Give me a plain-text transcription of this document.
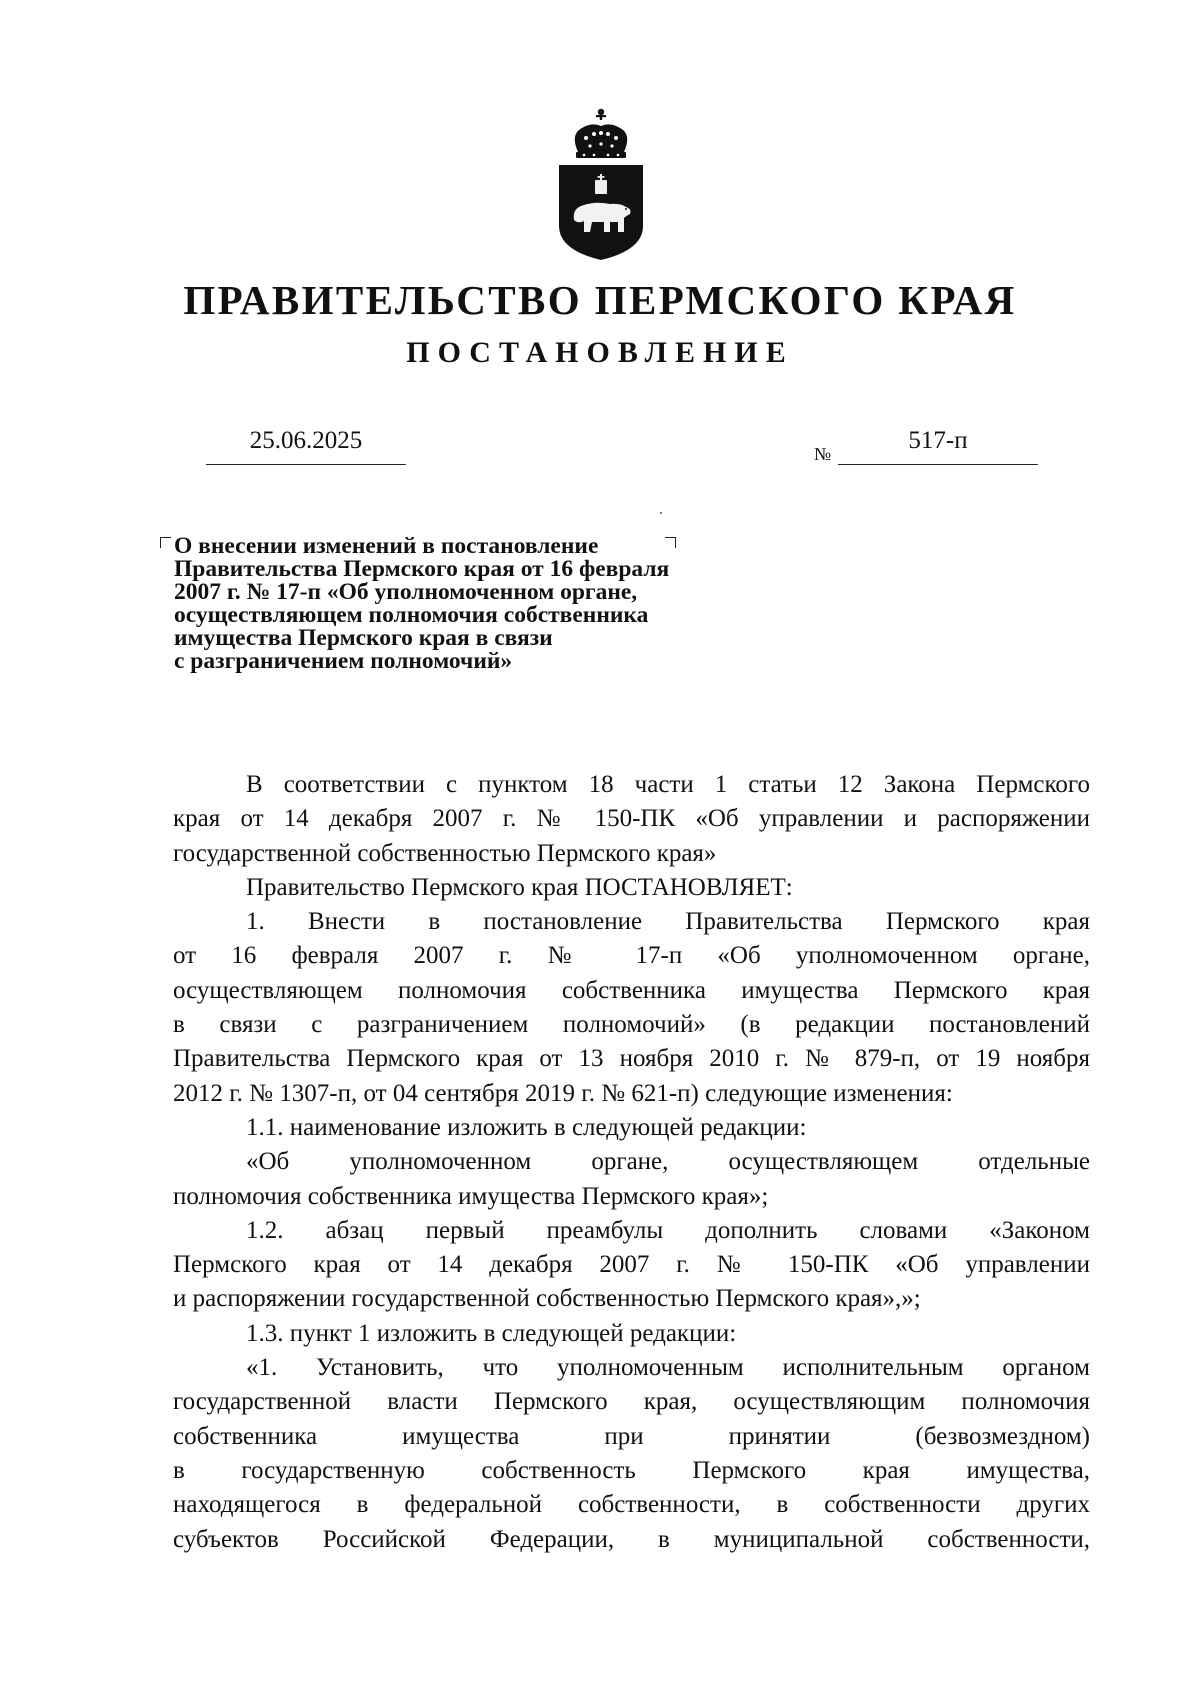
ПРАВИТЕЛЬСТВО ПЕРМСКОГО КРАЯ
ПОСТАНОВЛЕНИЕ
25.06.2025	№	517-п
О внесении изменений в постановление
Правительства Пермского края от 16 февраля
2007 г. № 17-п «Об уполномоченном органе,
осуществляющем полномочия собственника
имущества Пермского края в связи
с разграничением полномочий»
В соответствии с пунктом 18 части 1 статьи 12 Закона Пермского
края от 14 декабря 2007 г. № 150-ПК «Об управлении и распоряжении
государственной собственностью Пермского края»
Правительство Пермского края ПОСТАНОВЛЯЕТ:
1. Внести в постановление Правительства Пермского края
от 16 февраля 2007 г. № 17-п «Об уполномоченном органе,
осуществляющем полномочия собственника имущества Пермского края
в связи с разграничением полномочий» (в редакции постановлений
Правительства Пермского края от 13 ноября 2010 г. № 879-п, от 19 ноября
2012 г. № 1307-п, от 04 сентября 2019 г. № 621-п) следующие изменения:
1.1. наименование изложить в следующей редакции:
«Об уполномоченном органе, осуществляющем отдельные
полномочия собственника имущества Пермского края»;
1.2. абзац первый преамбулы дополнить словами «Законом
Пермского края от 14 декабря 2007 г. № 150-ПК «Об управлении
и распоряжении государственной собственностью Пермского края»,»;
1.3. пункт 1 изложить в следующей редакции:
«1. Установить, что уполномоченным исполнительным органом
государственной власти Пермского края, осуществляющим полномочия
собственника имущества при принятии (безвозмездном)
в государственную собственность Пермского края имущества,
находящегося в федеральной собственности, в собственности других
субъектов Российской Федерации, в муниципальной собственности,
